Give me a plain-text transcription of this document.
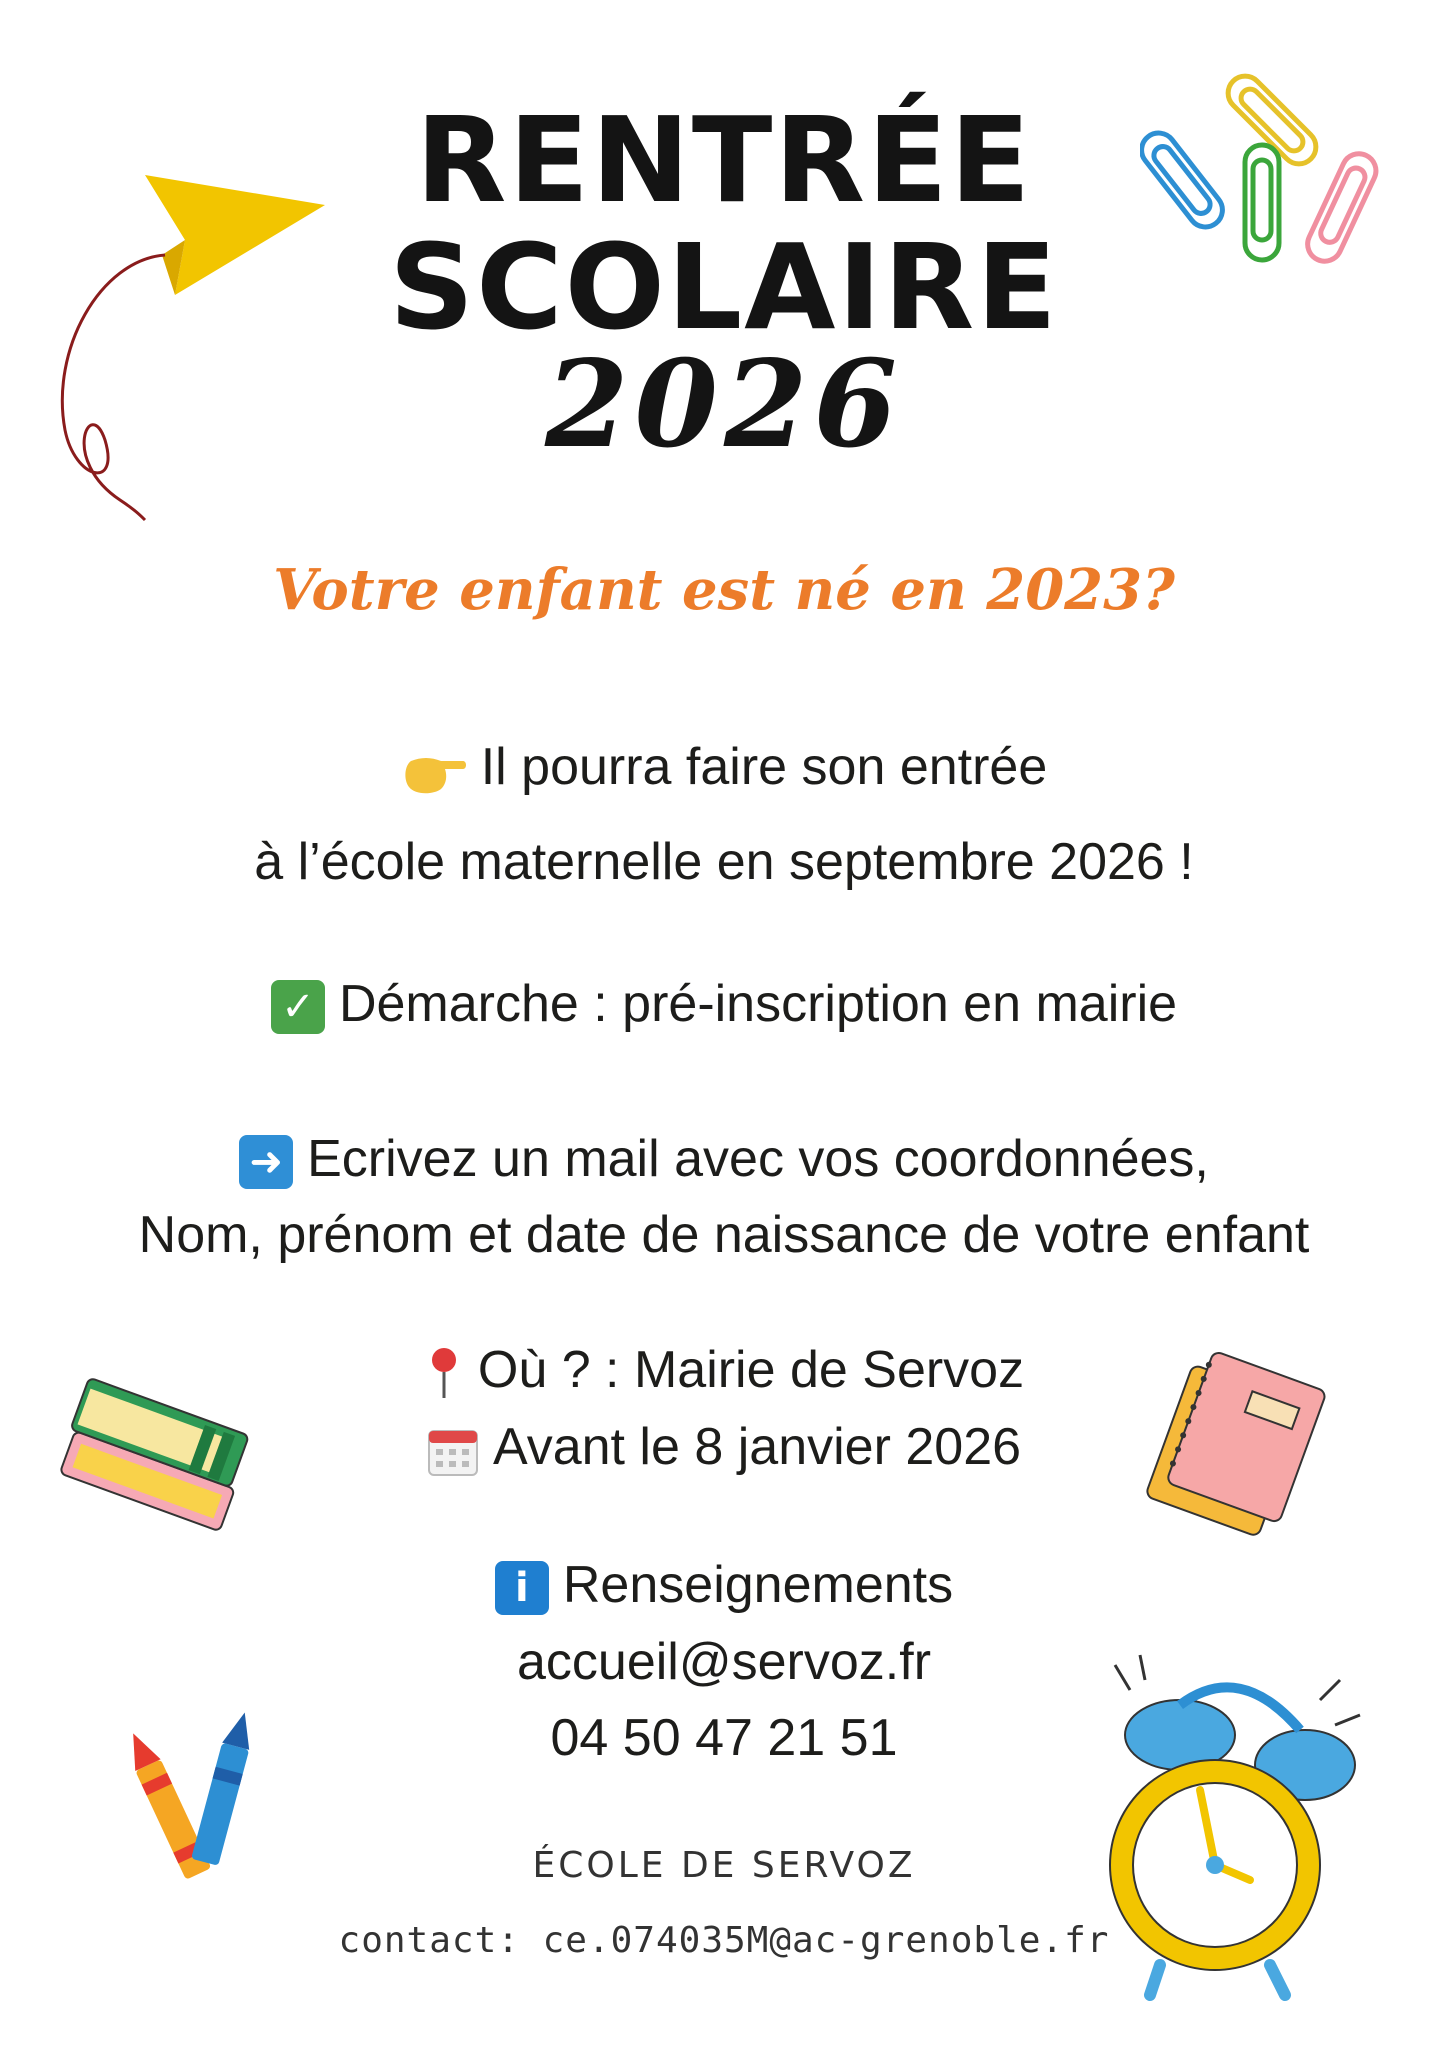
RENTRÉE
SCOLAIRE
2026
Votre enfant est né en 2023?
Il pourra faire son entrée
à l’école maternelle en septembre 2026 !
✓ Démarche : pré-inscription en mairie
➜ Ecrivez un mail avec vos coordonnées,
Nom, prénom et date de naissance de votre enfant
Où ? : Mairie de Servoz
Avant le 8 janvier 2026
i Renseignements
accueil@servoz.fr
04 50 47 21 51
ÉCOLE DE SERVOZ
contact: ce.074035M@ac-grenoble.fr
